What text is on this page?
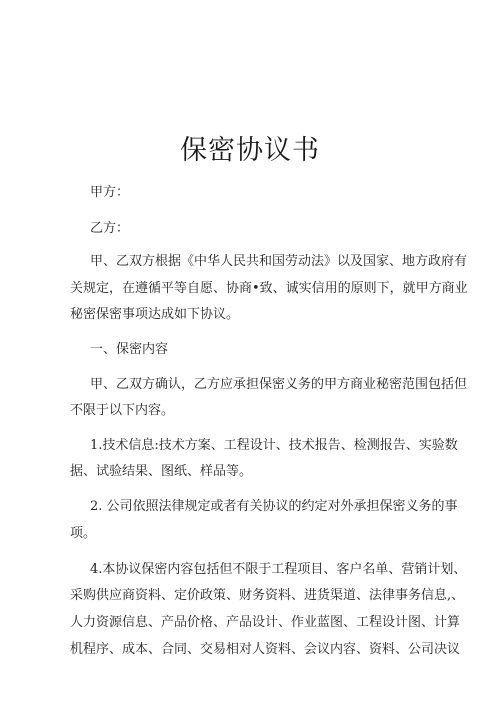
保密协议书
甲方：
乙方：
甲、乙双方根据《中华人民共和国劳动法》以及国家、地方政府有
关规定，在遵循平等自愿、协商•致、诚实信用的原则下，就甲方商业
秘密保密事项达成如下协议。
一、保密内容
甲、乙双方确认，乙方应承担保密义务的甲方商业秘密范围包括但
不限于以下内容。
1.技术信息:技术方案、工程设计、技术报告、检测报告、实验数
据、试验结果、图纸、样品等。
2. 公司依照法律规定或者有关协议的约定对外承担保密义务的事
项。
4.本协议保密内容包括但不限于工程项目、客户名单、营销计划、
采购供应商资料、定价政策、财务资料、进货渠道、法律事务信息,、
人力资源信息、产品价格、产品设计、作业蓝图、工程设计图、计算
机程序、成本、合同、交易相对人资料、会议内容、资料、公司决议
